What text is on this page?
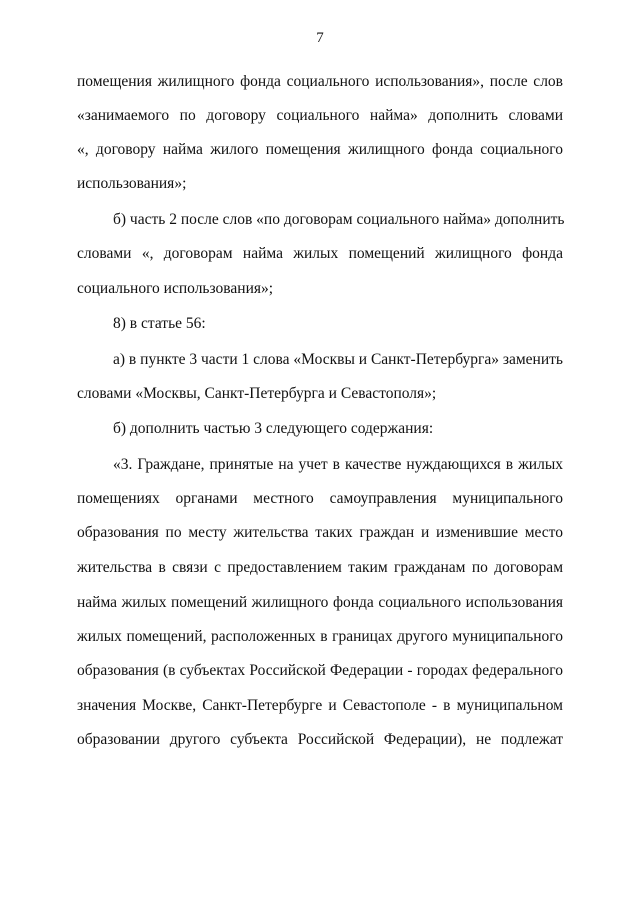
7
помещения жилищного фонда социального использования», после слов
«занимаемого по договору социального найма» дополнить словами
«, договору найма жилого помещения жилищного фонда социального
использования»;
б) часть 2 после слов «по договорам социального найма» дополнить
словами «, договорам найма жилых помещений жилищного фонда
социального использования»;
8) в статье 56:
а) в пункте 3 части 1 слова «Москвы и Санкт-Петербурга» заменить
словами «Москвы, Санкт-Петербурга и Севастополя»;
б) дополнить частью 3 следующего содержания:
«3. Граждане, принятые на учет в качестве нуждающихся в жилых
помещениях органами местного самоуправления муниципального
образования по месту жительства таких граждан и изменившие место
жительства в связи с предоставлением таким гражданам по договорам
найма жилых помещений жилищного фонда социального использования
жилых помещений, расположенных в границах другого муниципального
образования (в субъектах Российской Федерации - городах федерального
значения Москве, Санкт-Петербурге и Севастополе - в муниципальном
образовании другого субъекта Российской Федерации), не подлежат
